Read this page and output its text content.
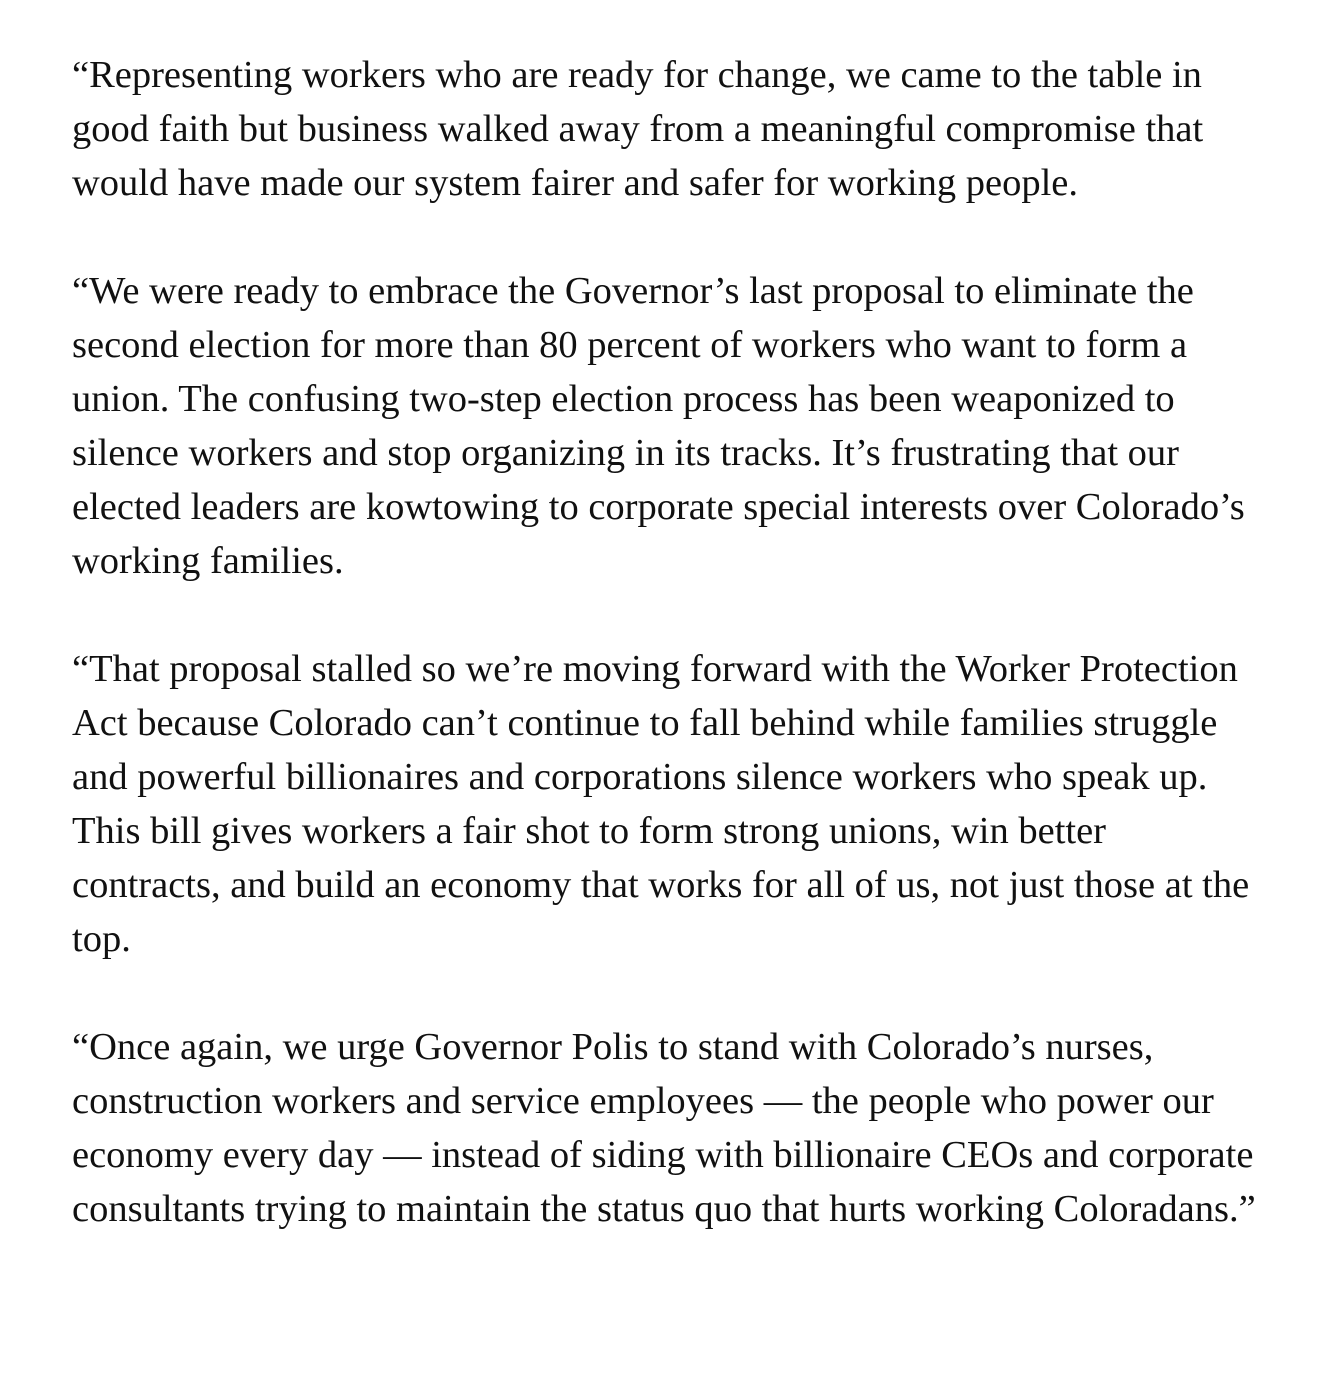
“Representing workers who are ready for change, we came to the table in good faith but business walked away from a meaningful compromise that would have made our system fairer and safer for working people.

“We were ready to embrace the Governor’s last proposal to eliminate the second election for more than 80 percent of workers who want to form a union. The confusing two-step election process has been weaponized to silence workers and stop organizing in its tracks. It’s frustrating that our elected leaders are kowtowing to corporate special interests over Colorado’s working families.

“That proposal stalled so we’re moving forward with the Worker Protection Act because Colorado can’t continue to fall behind while families struggle and powerful billionaires and corporations silence workers who speak up. This bill gives workers a fair shot to form strong unions, win better contracts, and build an economy that works for all of us, not just those at the top.

“Once again, we urge Governor Polis to stand with Colorado’s nurses, construction workers and service employees — the people who power our economy every day — instead of siding with billionaire CEOs and corporate consultants trying to maintain the status quo that hurts working Coloradans.”
